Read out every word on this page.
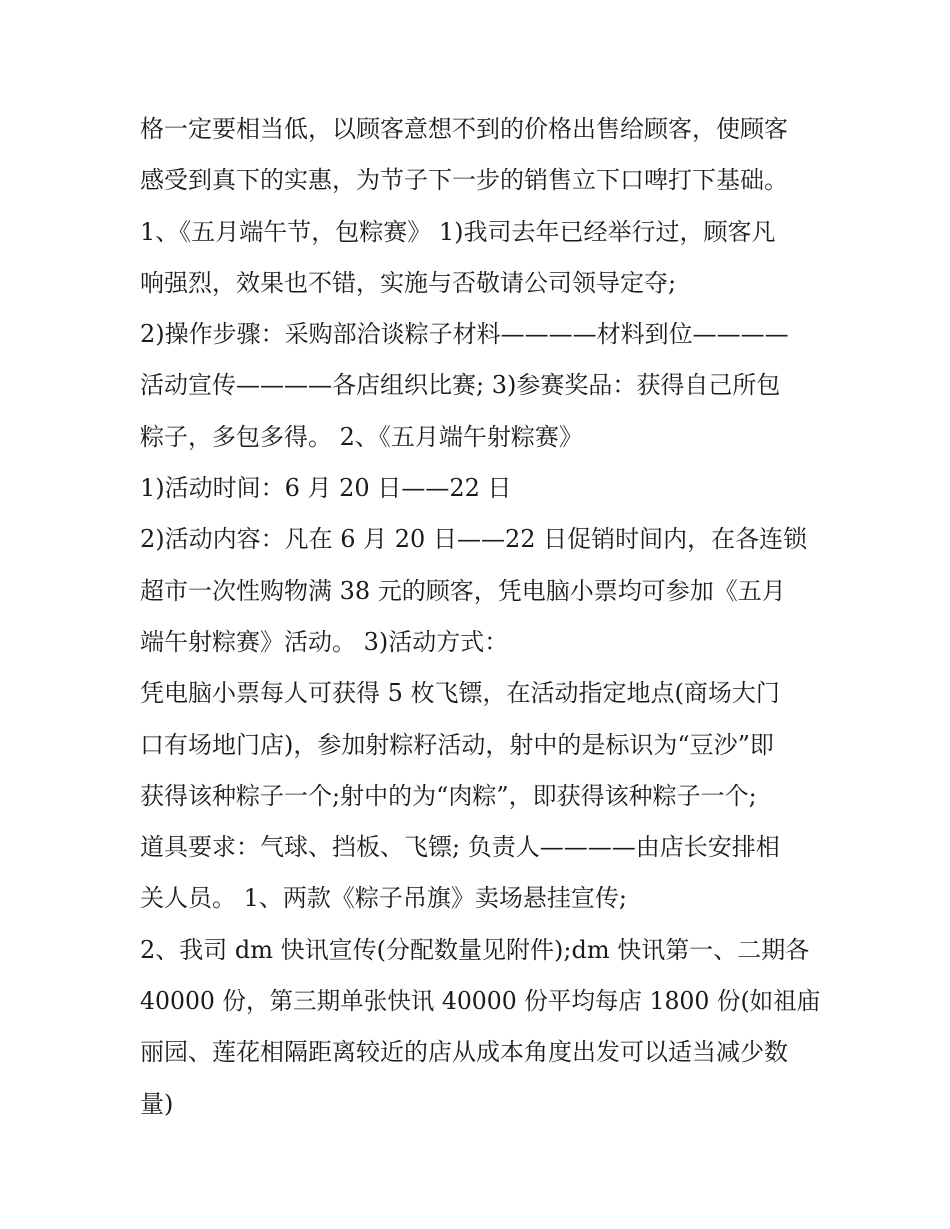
格一定要相当低，以顾客意想不到的价格出售给顾客，使顾客
感受到真下的实惠，为节子下一步的销售立下口啤打下基础。
1、《五月端午节，包粽赛》 1)我司去年已经举行过，顾客凡
响强烈，效果也不错，实施与否敬请公司领导定夺;
2)操作步骤：采购部洽谈粽子材料————材料到位————
活动宣传————各店组织比赛; 3)参赛奖品：获得自己所包
粽子，多包多得。 2、《五月端午射粽赛》
1)活动时间：6 月 20 日——22 日
2)活动内容：凡在 6 月 20 日——22 日促销时间内，在各连锁
超市一次性购物满 38 元的顾客，凭电脑小票均可参加《五月
端午射粽赛》活动。 3)活动方式：
凭电脑小票每人可获得 5 枚飞镖，在活动指定地点(商场大门
口有场地门店)，参加射粽籽活动，射中的是标识为“豆沙”即
获得该种粽子一个;射中的为“肉粽”，即获得该种粽子一个;
道具要求：气球、挡板、飞镖; 负责人————由店长安排相
关人员。 1、两款《粽子吊旗》卖场悬挂宣传;
2、我司 dm 快讯宣传(分配数量见附件);dm 快讯第一、二期各
40000 份，第三期单张快讯 40000 份平均每店 1800 份(如祖庙
丽园、莲花相隔距离较近的店从成本角度出发可以适当减少数
量)
